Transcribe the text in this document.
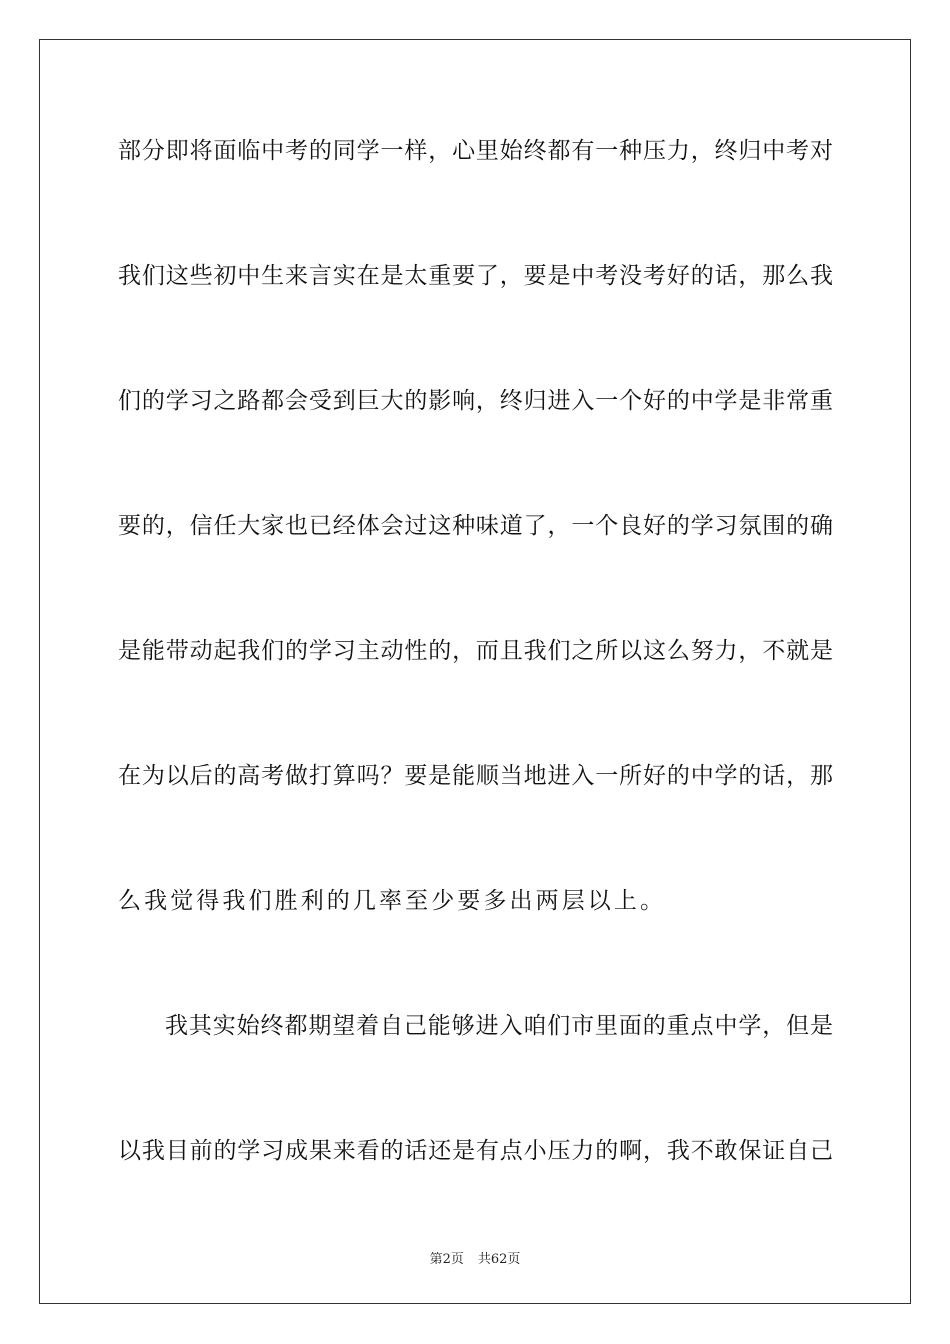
部分即将面临中考的同学一样，心里始终都有一种压力，终归中考对
我们这些初中生来言实在是太重要了，要是中考没考好的话，那么我
们的学习之路都会受到巨大的影响，终归进入一个好的中学是非常重
要的，信任大家也已经体会过这种味道了，一个良好的学习氛围的确
是能带动起我们的学习主动性的，而且我们之所以这么努力，不就是
在为以后的高考做打算吗？要是能顺当地进入一所好的中学的话，那
么我觉得我们胜利的几率至少要多出两层以上。
我其实始终都期望着自己能够进入咱们市里面的重点中学，但是
以我目前的学习成果来看的话还是有点小压力的啊，我不敢保证自己
第2页 共62页
